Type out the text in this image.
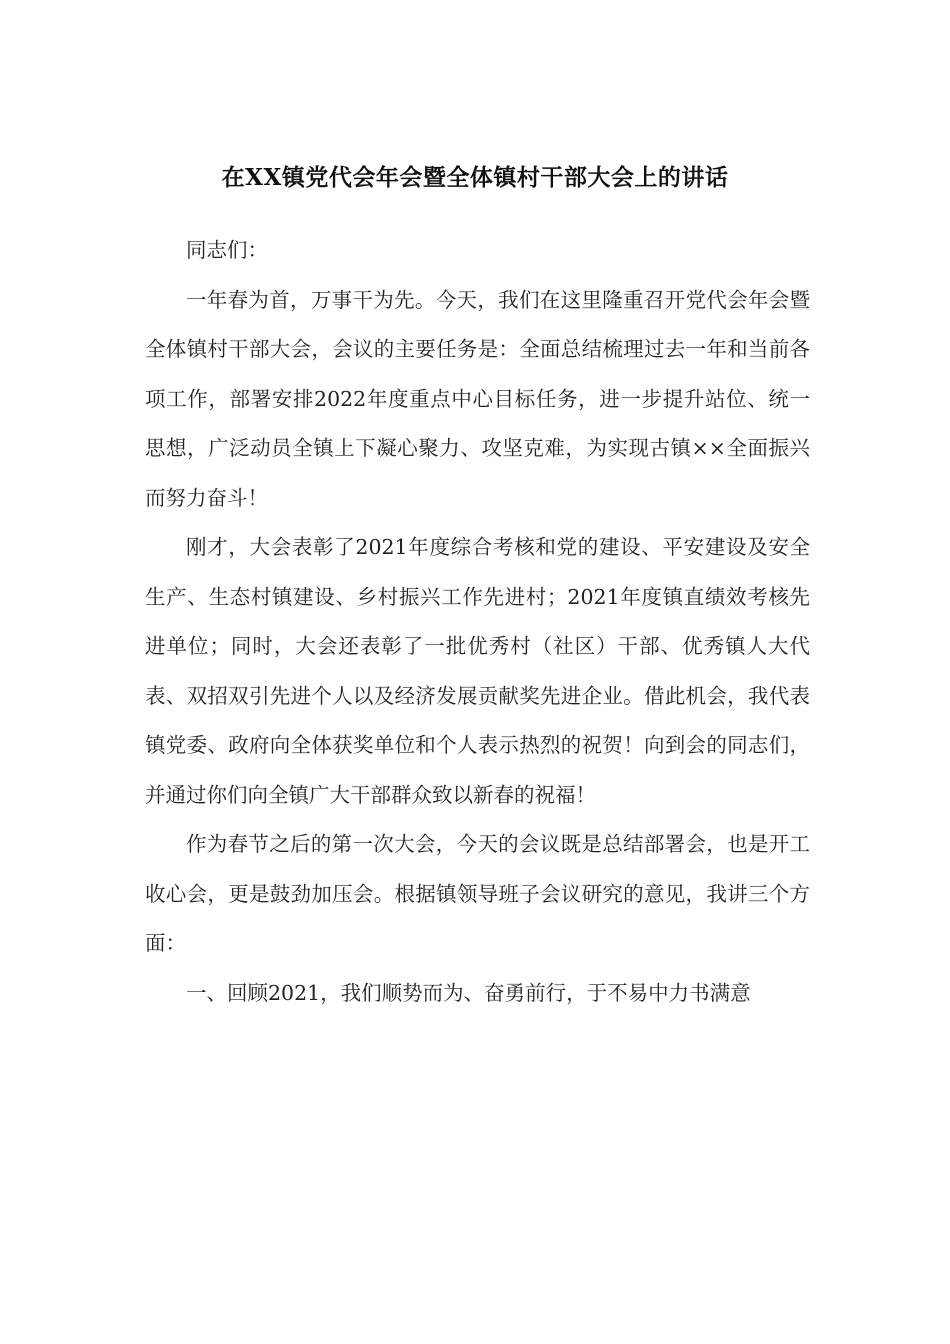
在XX镇党代会年会暨全体镇村干部大会上的讲话

同志们：

一年春为首，万事干为先。今天，我们在这里隆重召开党代会年会暨全体镇村干部大会，会议的主要任务是：全面总结梳理过去一年和当前各项工作，部署安排2022年度重点中心目标任务，进一步提升站位、统一思想，广泛动员全镇上下凝心聚力、攻坚克难，为实现古镇××全面振兴而努力奋斗！

刚才，大会表彰了2021年度综合考核和党的建设、平安建设及安全生产、生态村镇建设、乡村振兴工作先进村；2021年度镇直绩效考核先进单位；同时，大会还表彰了一批优秀村（社区）干部、优秀镇人大代表、双招双引先进个人以及经济发展贡献奖先进企业。借此机会，我代表镇党委、政府向全体获奖单位和个人表示热烈的祝贺！向到会的同志们，并通过你们向全镇广大干部群众致以新春的祝福！

作为春节之后的第一次大会，今天的会议既是总结部署会，也是开工收心会，更是鼓劲加压会。根据镇领导班子会议研究的意见，我讲三个方面：

一、回顾2021，我们顺势而为、奋勇前行，于不易中力书满意
